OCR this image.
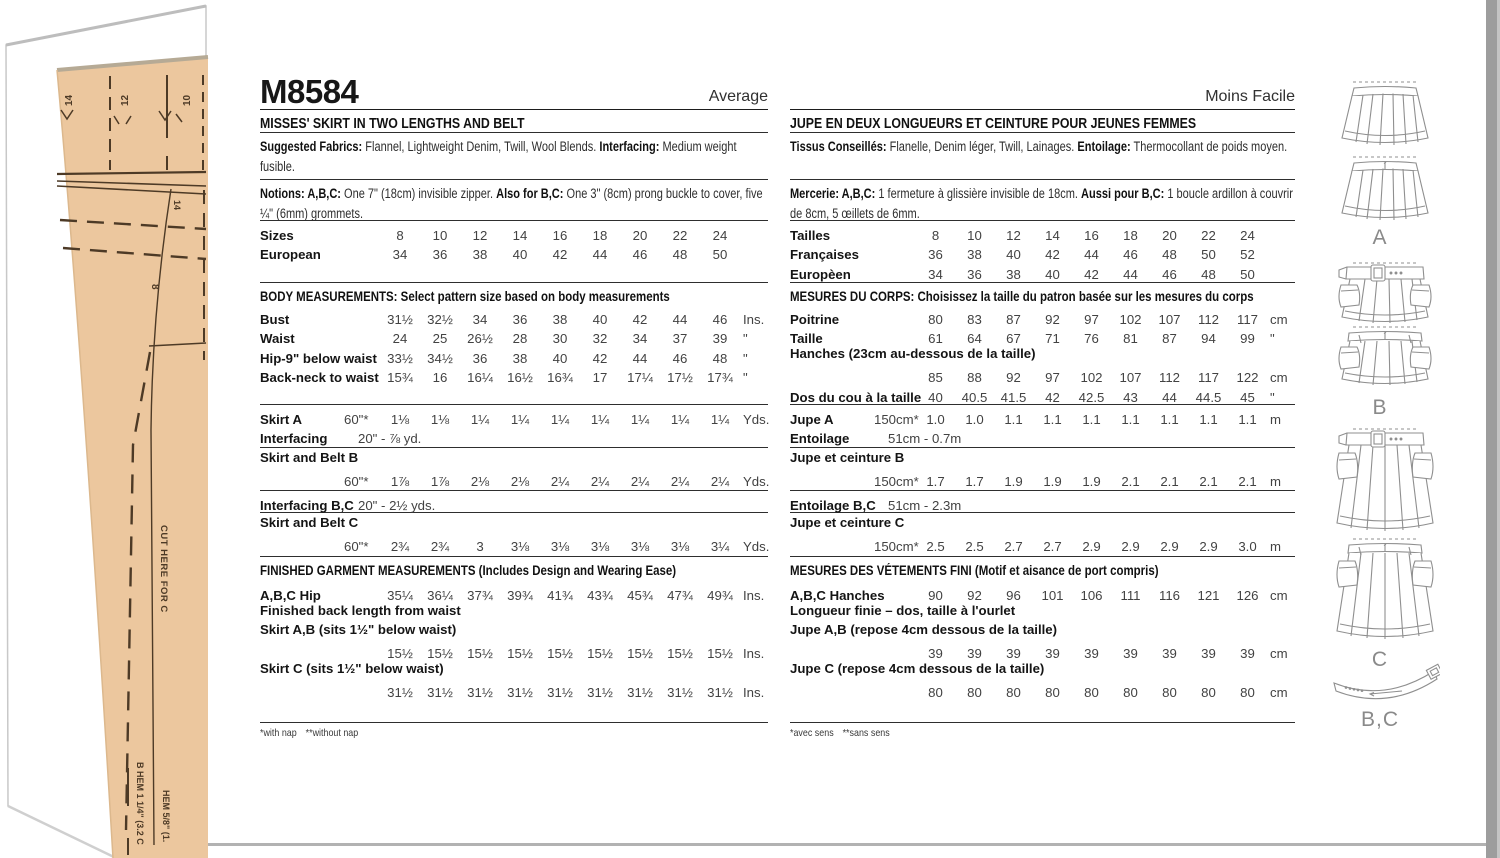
14	12	10
14
8
CUT HERE FOR C
B HEM 1 1/4" (3.2 C HEM 5/8" (1.
M8584	Average
MISSES' SKIRT IN TWO LENGTHS AND BELT
Suggested Fabrics: Flannel, Lightweight Denim, Twill, Wool Blends. Interfacing: Medium weight fusible.
Notions: A,B,C: One 7" (18cm) invisible zipper. Also for B,C: One 3" (8cm) prong buckle to cover, five ¼" (6mm) grommets.
Sizes	8	10	12	14	16	18	20	22	24
European	34	36	38	40	42	44	46	48	50
BODY MEASUREMENTS: Select pattern size based on body measurements
Bust	31½	32½	34	36	38	40	42	44	46	Ins.
Waist	24	25	26½	28	30	32	34	37	39	"
Hip-9" below waist 33½	34½	36	38	40	42	44	46	48	"
Back-neck to waist 15¾	16	16¼	16½	16¾	17	17¼	17½	17¾ "
Skirt A	60"*	1⅛	1⅛	1¼	1¼	1¼	1¼	1¼	1¼	1¼	Yds.
Interfacing	20" - ⅞ yd.
Skirt and Belt B
60"*	1⅞	1⅞	2⅛	2⅛	2¼	2¼	2¼	2¼	2¼	Yds.
Interfacing B,C 20" - 2½ yds.
Skirt and Belt C
60"*	2¾	2¾	3	3⅛	3⅛	3⅛	3⅛	3⅛	3¼	Yds.
FINISHED GARMENT MEASUREMENTS (Includes Design and Wearing Ease)
A,B,C Hip	35¼	36¼	37¾	39¾	41¾	43¾	45¾	47¾	49¾ Ins.
Finished back length from waist
Skirt A,B (sits 1½" below waist)
15½	15½	15½	15½	15½	15½	15½	15½	15½ Ins.
Skirt C (sits 1½" below waist)
31½	31½	31½	31½	31½	31½	31½	31½	31½ Ins.
*with nap  **without nap
Moins Facile
JUPE EN DEUX LONGUEURS ET CEINTURE POUR JEUNES FEMMES
Tissus Conseillés: Flanelle, Denim léger, Twill, Lainages. Entoilage: Thermocollant de poids moyen.
Mercerie: A,B,C: 1 fermeture à glissière invisible de 18cm. Aussi pour B,C: 1 boucle ardillon à couvrir de 8cm, 5 œillets de 6mm.
Tailles	8	10	12	14	16	18	20	22	24
Françaises	36	38	40	42	44	46	48	50	52
Europèen	34	36	38	40	42	44	46	48	50
MESURES DU CORPS: Choisissez la taille du patron basée sur les mesures du corps
Poitrine	80	83	87	92	97	102	107	112	117 cm
Taille	61	64	67	71	76	81	87	94	99	"
Hanches (23cm au-dessous de la taille)
85	88	92	97	102	107	112	117	122 cm
Dos du cou à la taille 40	40.5	41.5	42	42.5	43	44	44.5	45	"
Jupe A	150cm* 1.0	1.0	1.1	1.1	1.1	1.1	1.1	1.1	1.1	m
Entoilage	51cm - 0.7m
Jupe et ceinture B
150cm* 1.7	1.7	1.9	1.9	1.9	2.1	2.1	2.1	2.1	m
Entoilage B,C 51cm - 2.3m
Jupe et ceinture C
150cm* 2.5	2.5	2.7	2.7	2.9	2.9	2.9	2.9	3.0	m
MESURES DES VÉTEMENTS FINI (Motif et aisance de port compris)
A,B,C Hanches	90	92	96	101	106	111	116	121	126 cm
Longueur finie – dos, taille à l'ourlet
Jupe A,B (repose 4cm dessous de la taille)
39	39	39	39	39	39	39	39	39	cm
Jupe C (repose 4cm dessous de la taille)
80	80	80	80	80	80	80	80	80	cm
*avec sens  **sans sens
A
B
C
B,C
